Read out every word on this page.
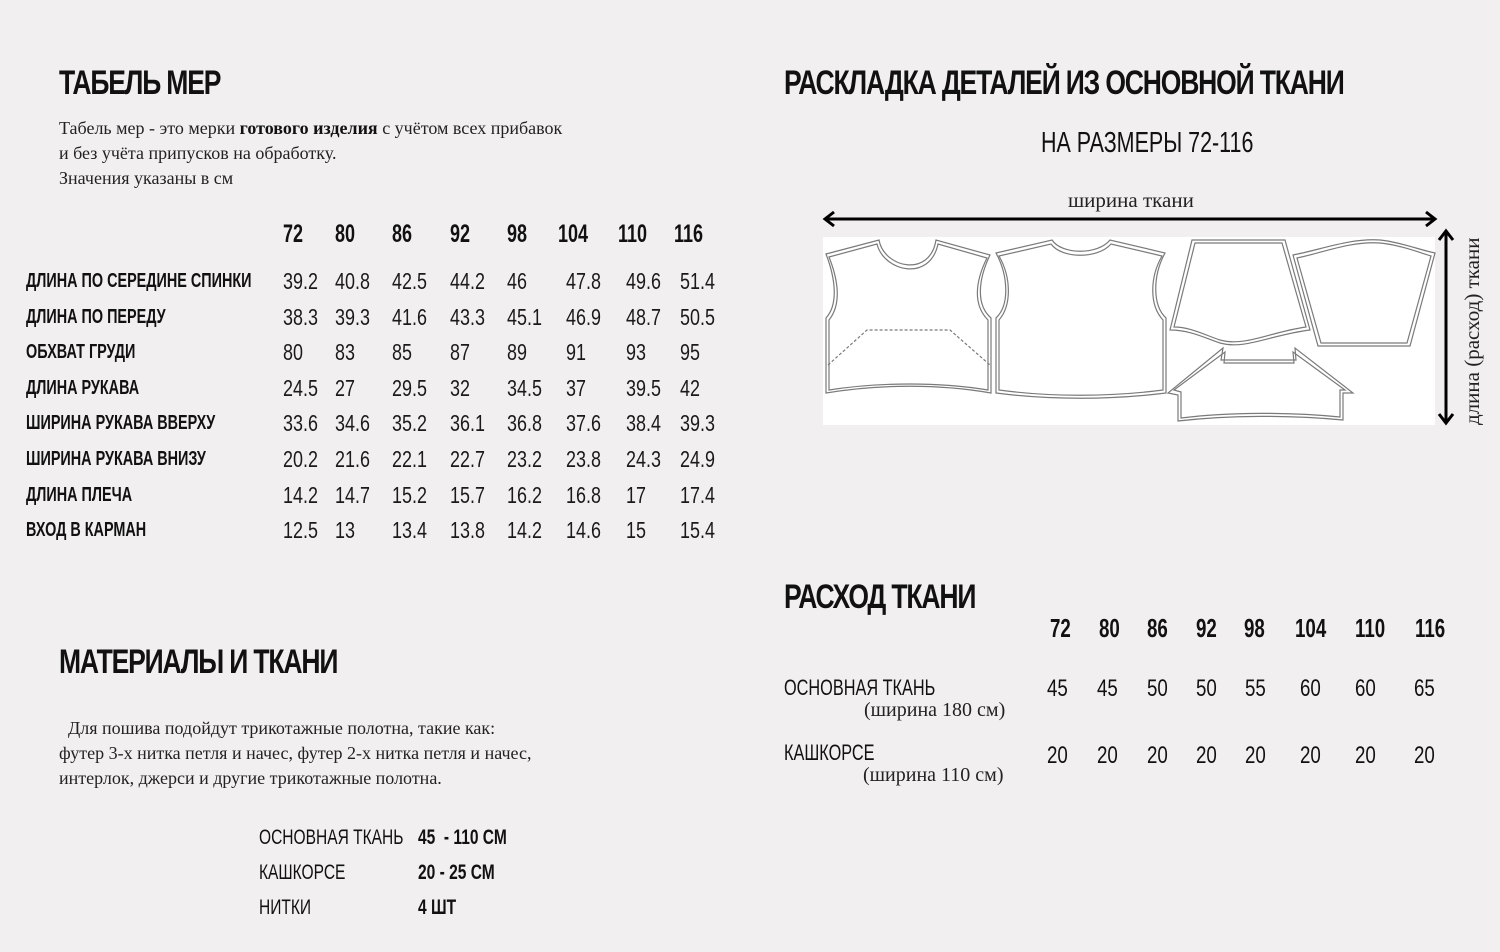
ТАБЕЛЬ МЕР
Табель мер - это мерки готового изделия с учётом всех прибавок
и без учёта припусков на обработку.
Значения указаны в см
72 80 86 92 98 104 110 116
ДЛИНА ПО СЕРЕДИНЕ СПИНКИ 39.2 40.8 42.5 44.2 46 47.8 49.6 51.4
ДЛИНА ПО ПЕРЕДУ	38.3 39.3 41.6 43.3 45.1 46.9 48.7 50.5
ОБХВАТ ГРУДИ	80 83 85 87 89 91 93 95
ДЛИНА РУКАВА	24.5 27 29.5 32 34.5 37 39.5 42
ШИРИНА РУКАВА ВВЕРХУ	33.6 34.6 35.2 36.1 36.8 37.6 38.4 39.3
ШИРИНА РУКАВА ВНИЗУ	20.2 21.6 22.1 22.7 23.2 23.8 24.3 24.9
ДЛИНА ПЛЕЧА	14.2 14.7 15.2 15.7 16.2 16.8 17 17.4
ВХОД В КАРМАН	12.5 13 13.4 13.8 14.2 14.6 15 15.4
МАТЕРИАЛЫ И ТКАНИ
Для пошива подойдут трикотажные полотна, такие как:
футер 3-х нитка петля и начес, футер 2-х нитка петля и начес,
интерлок, джерси и другие трикотажные полотна.
ОСНОВНАЯ ТКАНЬ 45  - 110 СМ
КАШКОРСЕ	20 - 25 СМ
НИТКИ	4 ШТ
РАСКЛАДКА ДЕТАЛЕЙ ИЗ ОСНОВНОЙ ТКАНИ
НА РАЗМЕРЫ 72-116
ширина ткани
длина (расход) ткани
РАСХОД ТКАНИ
72 80 86 92 98 104 110 116
ОСНОВНАЯ ТКАНЬ
(ширина 180 см)
45 45 50 50 55 60 60 65
КАШКОРСЕ
(ширина 110 см)
20 20 20 20 20 20 20 20
